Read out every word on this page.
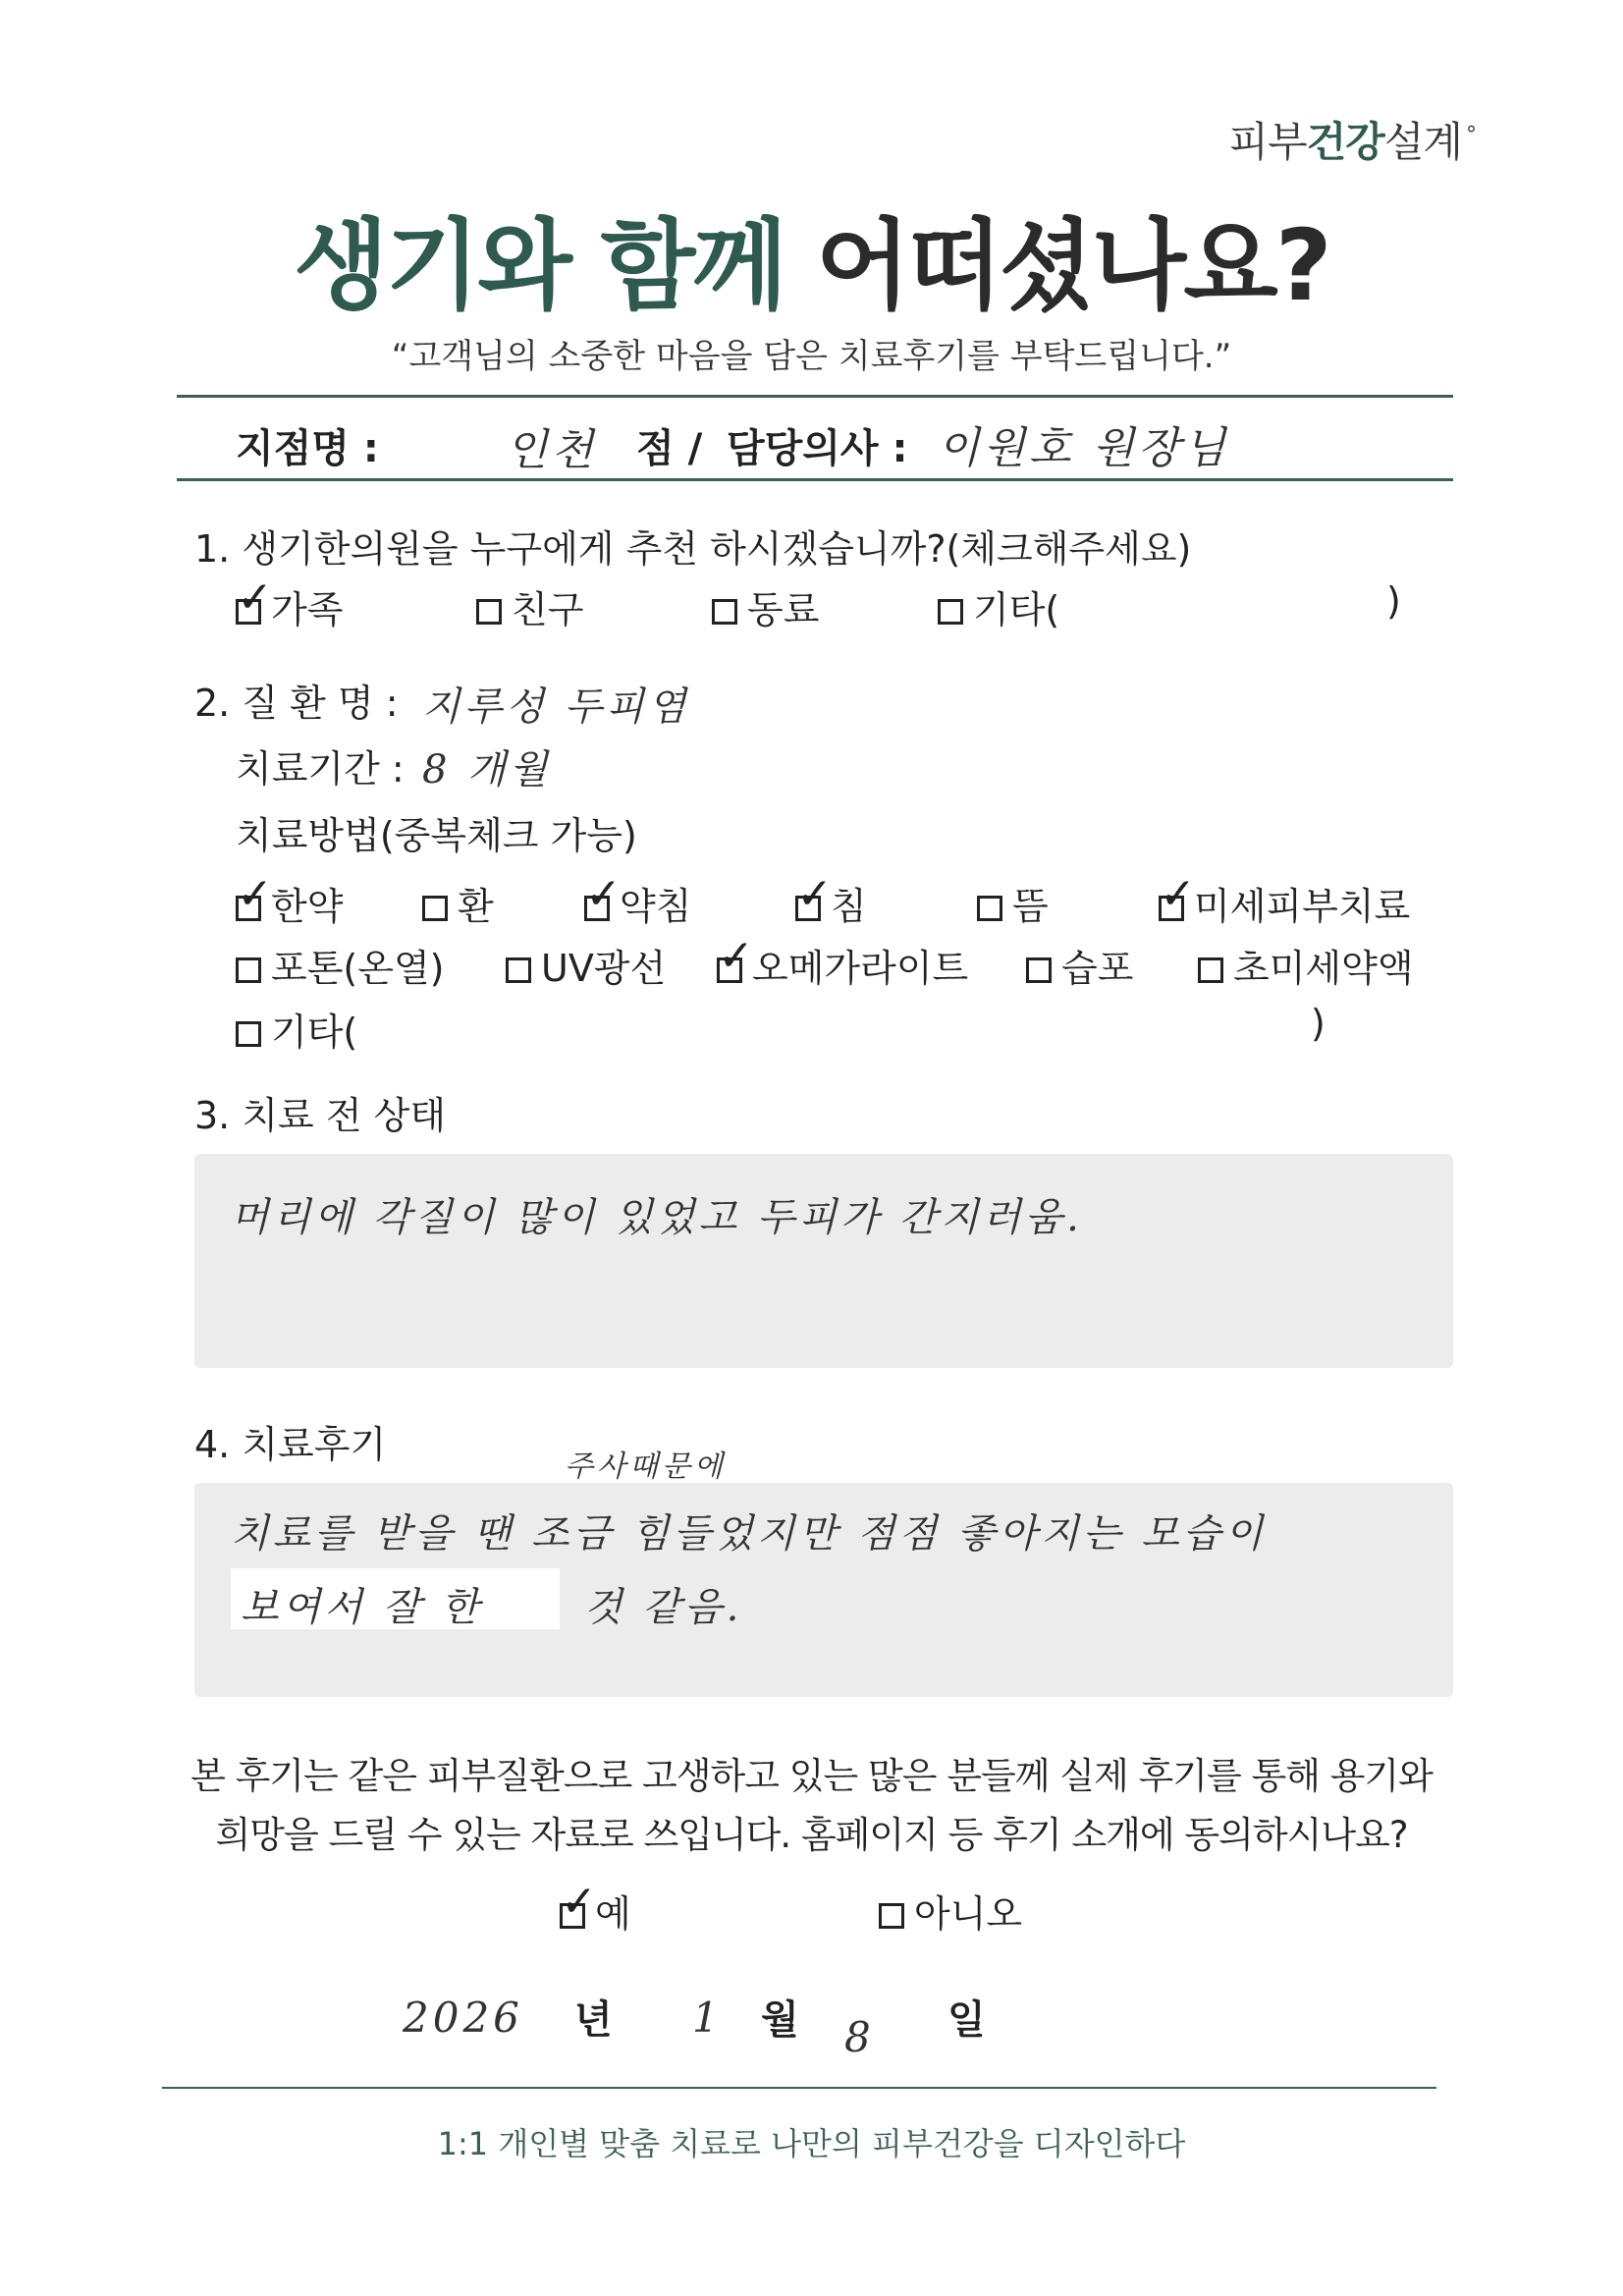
피부건강설계 °
생기와 함께 어떠셨나요?
“고객님의 소중한 마음을 담은 치료후기를 부탁드립니다.”
지점명 :	인천 점 / 담당의사 : 이원호 원장님
1. 생기한의원을 누구에게 추천 하시겠습니까?(체크해주세요)
✓
가족	친구	동료	기타(	)
2. 질 환 명 : 지루성 두피염
치료기간 : 8 개월
치료방법(중복체크 가능)
✓
한약	환 ✓
약침 ✓
침	뜸	✓
미세피부치료
포톤(온열)	UV광선 ✓
오메가라이트	습포	초미세약액
기타(	)
3. 치료 전 상태
머리에 각질이 많이 있었고 두피가 간지러움.
4. 치료후기
주사때문에
치료를 받을 땐 조금 힘들었지만 점점 좋아지는 모습이
보여서 잘 한	것 같음.
본 후기는 같은 피부질환으로 고생하고 있는 많은 분들께 실제 후기를 통해 용기와
희망을 드릴 수 있는 자료로 쓰입니다. 홈페이지 등 후기 소개에 동의하시나요?
✓
예	아니오
2026 년 1 월 8 일
1:1 개인별 맞춤 치료로 나만의 피부건강을 디자인하다
